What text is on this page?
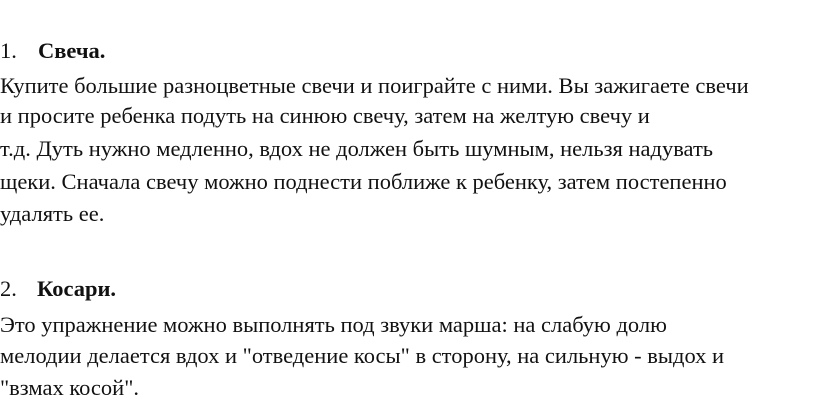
1. Свеча.
Купите большие разноцветные свечи и поиграйте с ними. Вы зажигаете свечи
и просите ребенка подуть на синюю свечу, затем на желтую свечу и
т.д. Дуть нужно медленно, вдох не должен быть шумным, нельзя надувать
щеки. Сначала свечу можно поднести поближе к ребенку, затем постепенно
удалять ее.
2. Косари.
Это упражнение можно выполнять под звуки марша: на слабую долю
мелодии делается вдох и "отведение косы" в сторону, на сильную - выдох и
"взмах косой".
